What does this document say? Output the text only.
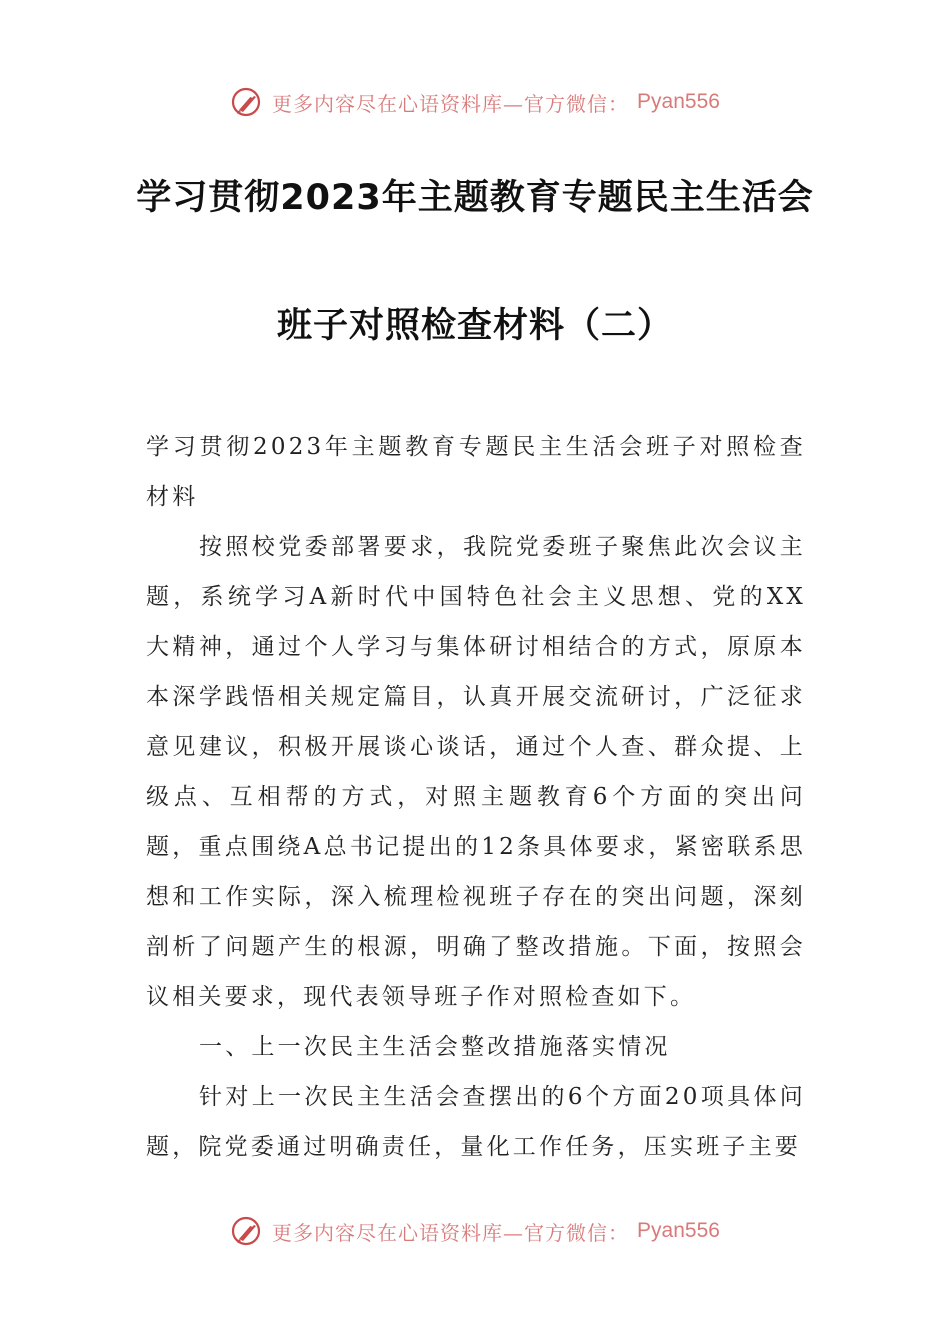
更多内容尽在心语资料库—官方微信： Pyan556
学习贯彻2023年主题教育专题民主生活会
班子对照检查材料（二）

学习贯彻2023年主题教育专题民主生活会班子对照检查材料

按照校党委部署要求，我院党委班子聚焦此次会议主题，系统学习A新时代中国特色社会主义思想、党的XX大精神，通过个人学习与集体研讨相结合的方式，原原本本深学践悟相关规定篇目，认真开展交流研讨，广泛征求意见建议，积极开展谈心谈话，通过个人查、群众提、上级点、互相帮的方式，对照主题教育6个方面的突出问题，重点围绕A总书记提出的12条具体要求，紧密联系思想和工作实际，深入梳理检视班子存在的突出问题，深刻剖析了问题产生的根源，明确了整改措施。下面，按照会议相关要求，现代表领导班子作对照检查如下。

一、上一次民主生活会整改措施落实情况

针对上一次民主生活会查摆出的6个方面20项具体问题，院党委通过明确责任，量化工作任务，压实班子主要

更多内容尽在心语资料库—官方微信： Pyan556
